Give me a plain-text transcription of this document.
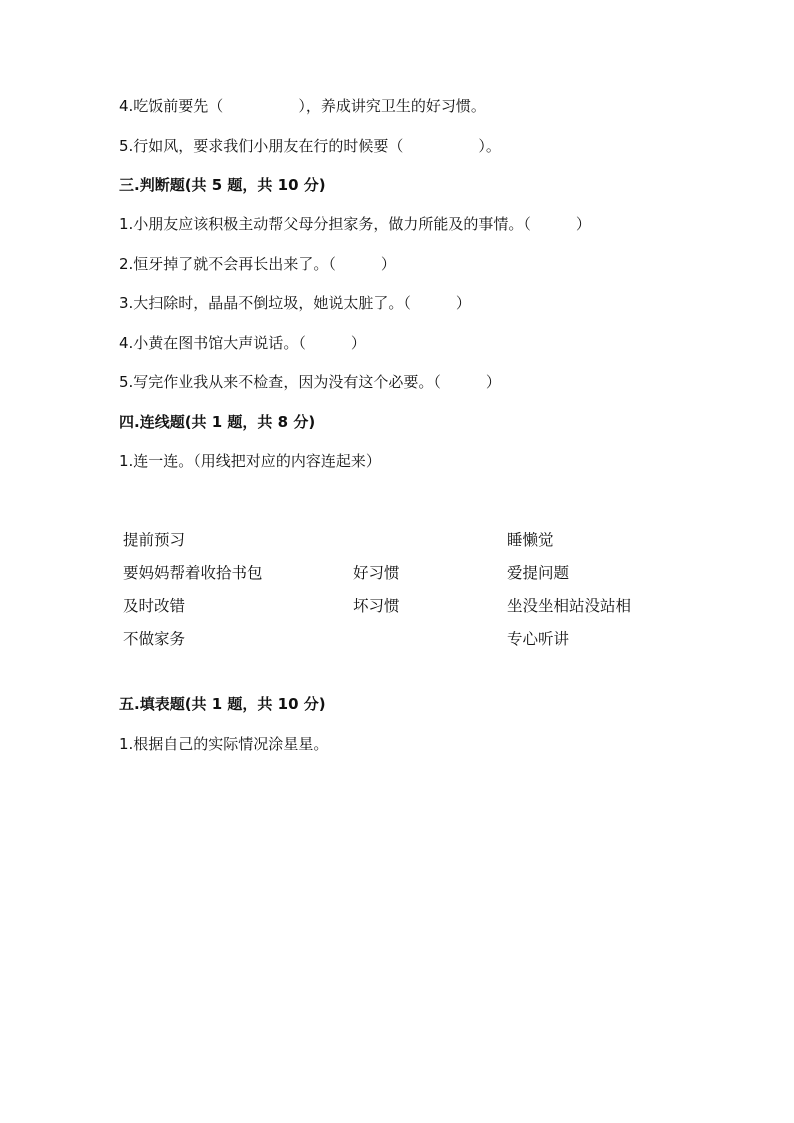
4.吃饭前要先（　　　　　），养成讲究卫生的好习惯。
5.行如风，要求我们小朋友在行的时候要（　　　　　）。
三.判断题(共 5 题，共 10 分)
1.小朋友应该积极主动帮父母分担家务，做力所能及的事情。（　　　）
2.恒牙掉了就不会再长出来了。（　　　）
3.大扫除时，晶晶不倒垃圾，她说太脏了。（　　　）
4.小黄在图书馆大声说话。（　　　）
5.写完作业我从来不检查，因为没有这个必要。（　　　）
四.连线题(共 1 题，共 8 分)
1.连一连。（用线把对应的内容连起来）
提前预习
要妈妈帮着收拾书包
及时改错
不做家务
好习惯
坏习惯
睡懒觉
爱提问题
坐没坐相站没站相
专心听讲
五.填表题(共 1 题，共 10 分)
1.根据自己的实际情况涂星星。
